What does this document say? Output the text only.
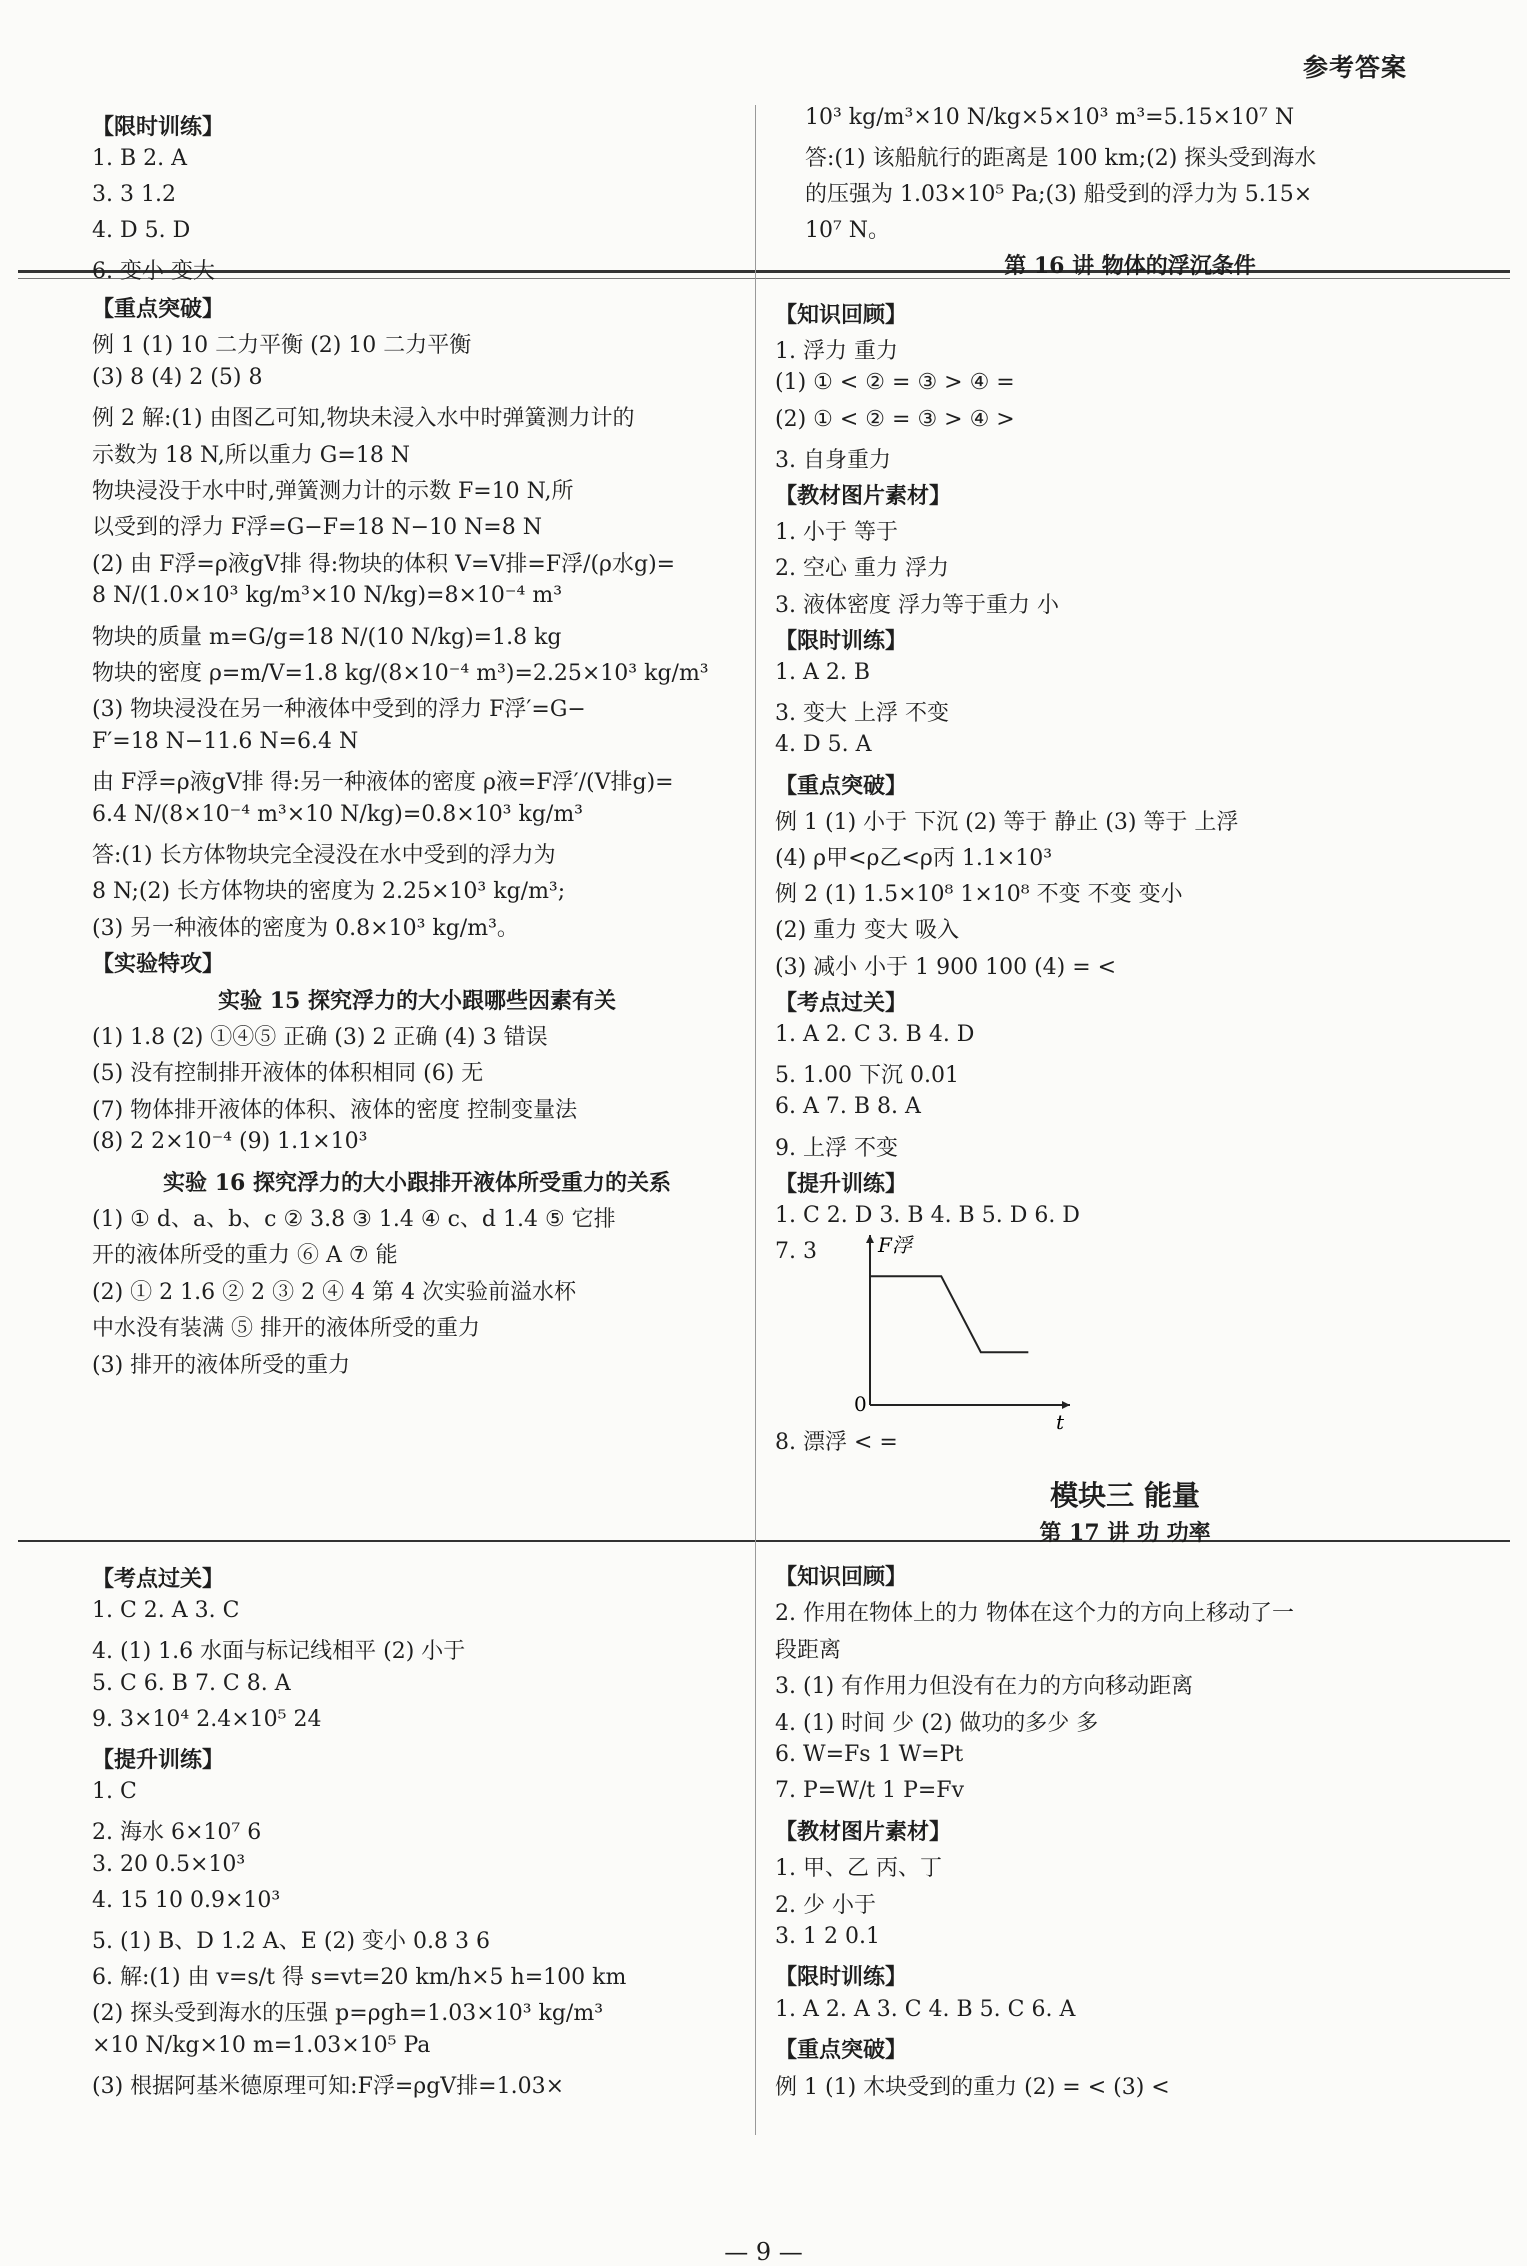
参考答案
【限时训练】
1. B 2. A
3. 3 1.2
4. D 5. D
6. 变小 变大
10³ kg/m³×10 N/kg×5×10³ m³=5.15×10⁷ N
答:(1) 该船航行的距离是 100 km;(2) 探头受到海水
的压强为 1.03×10⁵ Pa;(3) 船受到的浮力为 5.15×
10⁷ N。
第 16 讲 物体的浮沉条件
【重点突破】
例 1 (1) 10 二力平衡 (2) 10 二力平衡
(3) 8 (4) 2 (5) 8
例 2 解:(1) 由图乙可知,物块未浸入水中时弹簧测力计的
示数为 18 N,所以重力 G=18 N
物块浸没于水中时,弹簧测力计的示数 F=10 N,所
以受到的浮力 F浮=G−F=18 N−10 N=8 N
(2) 由 F浮=ρ液gV排 得:物块的体积 V=V排=F浮/(ρ水g)=
8 N/(1.0×10³ kg/m³×10 N/kg)=8×10⁻⁴ m³
物块的质量 m=G/g=18 N/(10 N/kg)=1.8 kg
物块的密度 ρ=m/V=1.8 kg/(8×10⁻⁴ m³)=2.25×10³ kg/m³
(3) 物块浸没在另一种液体中受到的浮力 F浮′=G−
F′=18 N−11.6 N=6.4 N
由 F浮=ρ液gV排 得:另一种液体的密度 ρ液=F浮′/(V排g)=
6.4 N/(8×10⁻⁴ m³×10 N/kg)=0.8×10³ kg/m³
答:(1) 长方体物块完全浸没在水中受到的浮力为
8 N;(2) 长方体物块的密度为 2.25×10³ kg/m³;
(3) 另一种液体的密度为 0.8×10³ kg/m³。
【实验特攻】
实验 15 探究浮力的大小跟哪些因素有关
(1) 1.8 (2) ①④⑤ 正确 (3) 2 正确 (4) 3 错误
(5) 没有控制排开液体的体积相同 (6) 无
(7) 物体排开液体的体积、液体的密度 控制变量法
(8) 2 2×10⁻⁴ (9) 1.1×10³
实验 16 探究浮力的大小跟排开液体所受重力的关系
(1) ① d、a、b、c ② 3.8 ③ 1.4 ④ c、d 1.4 ⑤ 它排
开的液体所受的重力 ⑥ A ⑦ 能
(2) ① 2 1.6 ② 2 ③ 2 ④ 4 第 4 次实验前溢水杯
中水没有装满 ⑤ 排开的液体所受的重力
(3) 排开的液体所受的重力
【知识回顾】
1. 浮力 重力
(1) ① < ② = ③ > ④ =
(2) ① < ② = ③ > ④ >
3. 自身重力
【教材图片素材】
1. 小于 等于
2. 空心 重力 浮力
3. 液体密度 浮力等于重力 小
【限时训练】
1. A 2. B
3. 变大 上浮 不变
4. D 5. A
【重点突破】
例 1 (1) 小于 下沉 (2) 等于 静止 (3) 等于 上浮
(4) ρ甲<ρ乙<ρ丙 1.1×10³
例 2 (1) 1.5×10⁸ 1×10⁸ 不变 不变 变小
(2) 重力 变大 吸入
(3) 减小 小于 1 900 100 (4) = <
【考点过关】
1. A 2. C 3. B 4. D
5. 1.00 下沉 0.01
6. A 7. B 8. A
9. 上浮 不变
【提升训练】
1. C 2. D 3. B 4. B 5. D 6. D
7. 3
8. 漂浮 < =
模块三 能量
第 17 讲 功 功率
【考点过关】
1. C 2. A 3. C
4. (1) 1.6 水面与标记线相平 (2) 小于
5. C 6. B 7. C 8. A
9. 3×10⁴ 2.4×10⁵ 24
【提升训练】
1. C
2. 海水 6×10⁷ 6
3. 20 0.5×10³
4. 15 10 0.9×10³
5. (1) B、D 1.2 A、E (2) 变小 0.8 3 6
6. 解:(1) 由 v=s/t 得 s=vt=20 km/h×5 h=100 km
(2) 探头受到海水的压强 p=ρgh=1.03×10³ kg/m³
×10 N/kg×10 m=1.03×10⁵ Pa
(3) 根据阿基米德原理可知:F浮=ρgV排=1.03×
【知识回顾】
2. 作用在物体上的力 物体在这个力的方向上移动了一
段距离
3. (1) 有作用力但没有在力的方向移动距离
4. (1) 时间 少 (2) 做功的多少 多
6. W=Fs 1 W=Pt
7. P=W/t 1 P=Fv
【教材图片素材】
1. 甲、乙 丙、丁
2. 少 小于
3. 1 2 0.1
【限时训练】
1. A 2. A 3. C 4. B 5. C 6. A
【重点突破】
例 1 (1) 木块受到的重力 (2) = < (3) <
F浮
t
0
— 9 —
